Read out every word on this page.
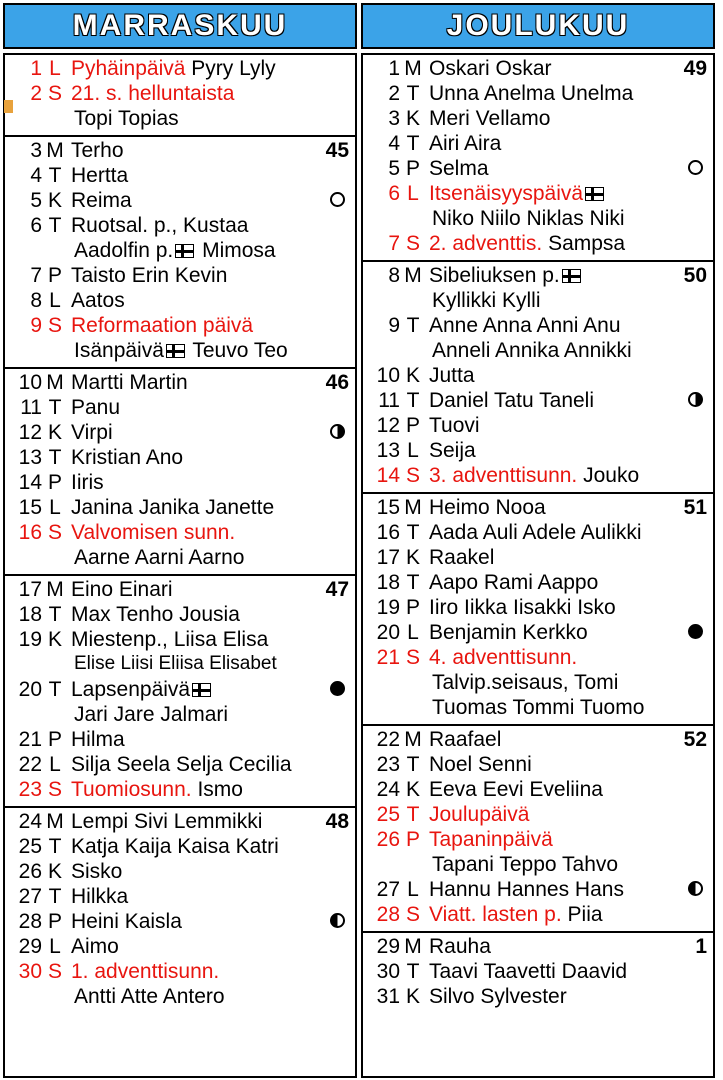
MARRASKUU
1 L Pyhäinpäivä Pyry Lyly
2 S 21. s. helluntaista
Topi Topias
3 M Terho	45
4 T Hertta
5 K Reima
6 T Ruotsal. p., Kustaa
Aadolfin p. Mimosa
7 P Taisto Erin Kevin
8 L Aatos
9 S Reformaation päivä
Isänpäivä Teuvo Teo
10 M Martti Martin	46
11 T Panu
12 K Virpi
13 T Kristian Ano
14 P Iiris
15 L Janina Janika Janette
16 S Valvomisen sunn.
Aarne Aarni Aarno
17 M Eino Einari	47
18 T Max Tenho Jousia
19 K Miestenp., Liisa Elisa
Elise Liisi Eliisa Elisabet
20 T Lapsenpäivä
Jari Jare Jalmari
21 P Hilma
22 L Silja Seela Selja Cecilia
23 S Tuomiosunn. Ismo
24 M Lempi Sivi Lemmikki	48
25 T Katja Kaija Kaisa Katri
26 K Sisko
27 T Hilkka
28 P Heini Kaisla
29 L Aimo
30 S 1. adventtisunn.
Antti Atte Antero
JOULUKUU
1 M Oskari Oskar	49
2 T Unna Anelma Unelma
3 K Meri Vellamo
4 T Airi Aira
5 P Selma
6 L Itsenäisyyspäivä
Niko Niilo Niklas Niki
7 S 2. adventtis. Sampsa
8 M Sibeliuksen p.	50
Kyllikki Kylli
9 T Anne Anna Anni Anu
Anneli Annika Annikki
10 K Jutta
11 T Daniel Tatu Taneli
12 P Tuovi
13 L Seija
14 S 3. adventtisunn. Jouko
15 M Heimo Nooa	51
16 T Aada Auli Adele Aulikki
17 K Raakel
18 T Aapo Rami Aappo
19 P Iiro Iikka Iisakki Isko
20 L Benjamin Kerkko
21 S 4. adventtisunn.
Talvip.seisaus, Tomi
Tuomas Tommi Tuomo
22 M Raafael	52
23 T Noel Senni
24 K Eeva Eevi Eveliina
25 T Joulupäivä
26 P Tapaninpäivä
Tapani Teppo Tahvo
27 L Hannu Hannes Hans
28 S Viatt. lasten p. Piia
29 M Rauha	1
30 T Taavi Taavetti Daavid
31 K Silvo Sylvester
